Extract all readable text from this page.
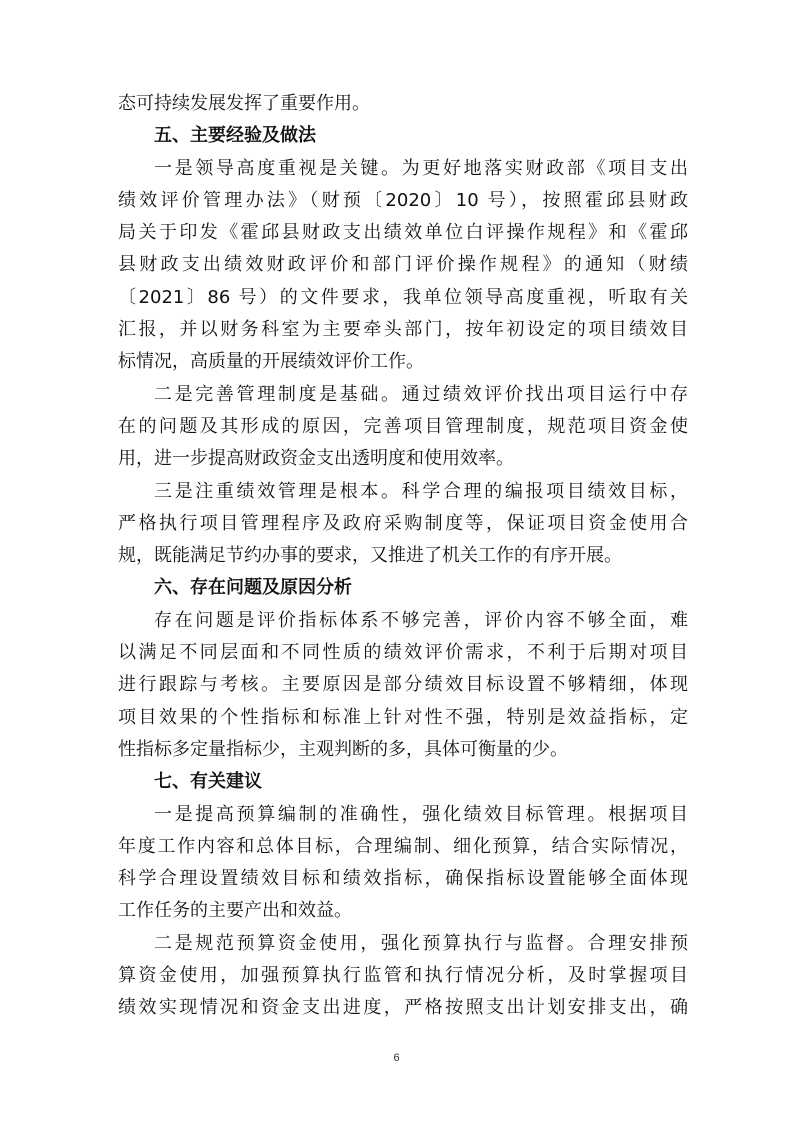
态可持续发展发挥了重要作用。
五、主要经验及做法
一是领导高度重视是关键。为更好地落实财政部《项目支出
绩效评价管理办法》（财预〔2020〕10 号），按照霍邱县财政
局关于印发《霍邱县财政支出绩效单位白评操作规程》和《霍邱
县财政支出绩效财政评价和部门评价操作规程》的通知（财绩
〔2021〕86 号）的文件要求，我单位领导高度重视，听取有关
汇报，并以财务科室为主要牵头部门，按年初设定的项目绩效目
标情况，高质量的开展绩效评价工作。
二是完善管理制度是基础。通过绩效评价找出项目运行中存
在的问题及其形成的原因，完善项目管理制度，规范项目资金使
用，进一步提高财政资金支出透明度和使用效率。
三是注重绩效管理是根本。科学合理的编报项目绩效目标，
严格执行项目管理程序及政府采购制度等，保证项目资金使用合
规，既能满足节约办事的要求，又推进了机关工作的有序开展。
六、存在问题及原因分析
存在问题是评价指标体系不够完善，评价内容不够全面，难
以满足不同层面和不同性质的绩效评价需求，不利于后期对项目
进行跟踪与考核。主要原因是部分绩效目标设置不够精细，体现
项目效果的个性指标和标准上针对性不强，特别是效益指标，定
性指标多定量指标少，主观判断的多，具体可衡量的少。
七、有关建议
一是提高预算编制的准确性，强化绩效目标管理。根据项目
年度工作内容和总体目标，合理编制、细化预算，结合实际情况，
科学合理设置绩效目标和绩效指标，确保指标设置能够全面体现
工作任务的主要产出和效益。
二是规范预算资金使用，强化预算执行与监督。合理安排预
算资金使用，加强预算执行监管和执行情况分析，及时掌握项目
绩效实现情况和资金支出进度，严格按照支出计划安排支出，确
6
